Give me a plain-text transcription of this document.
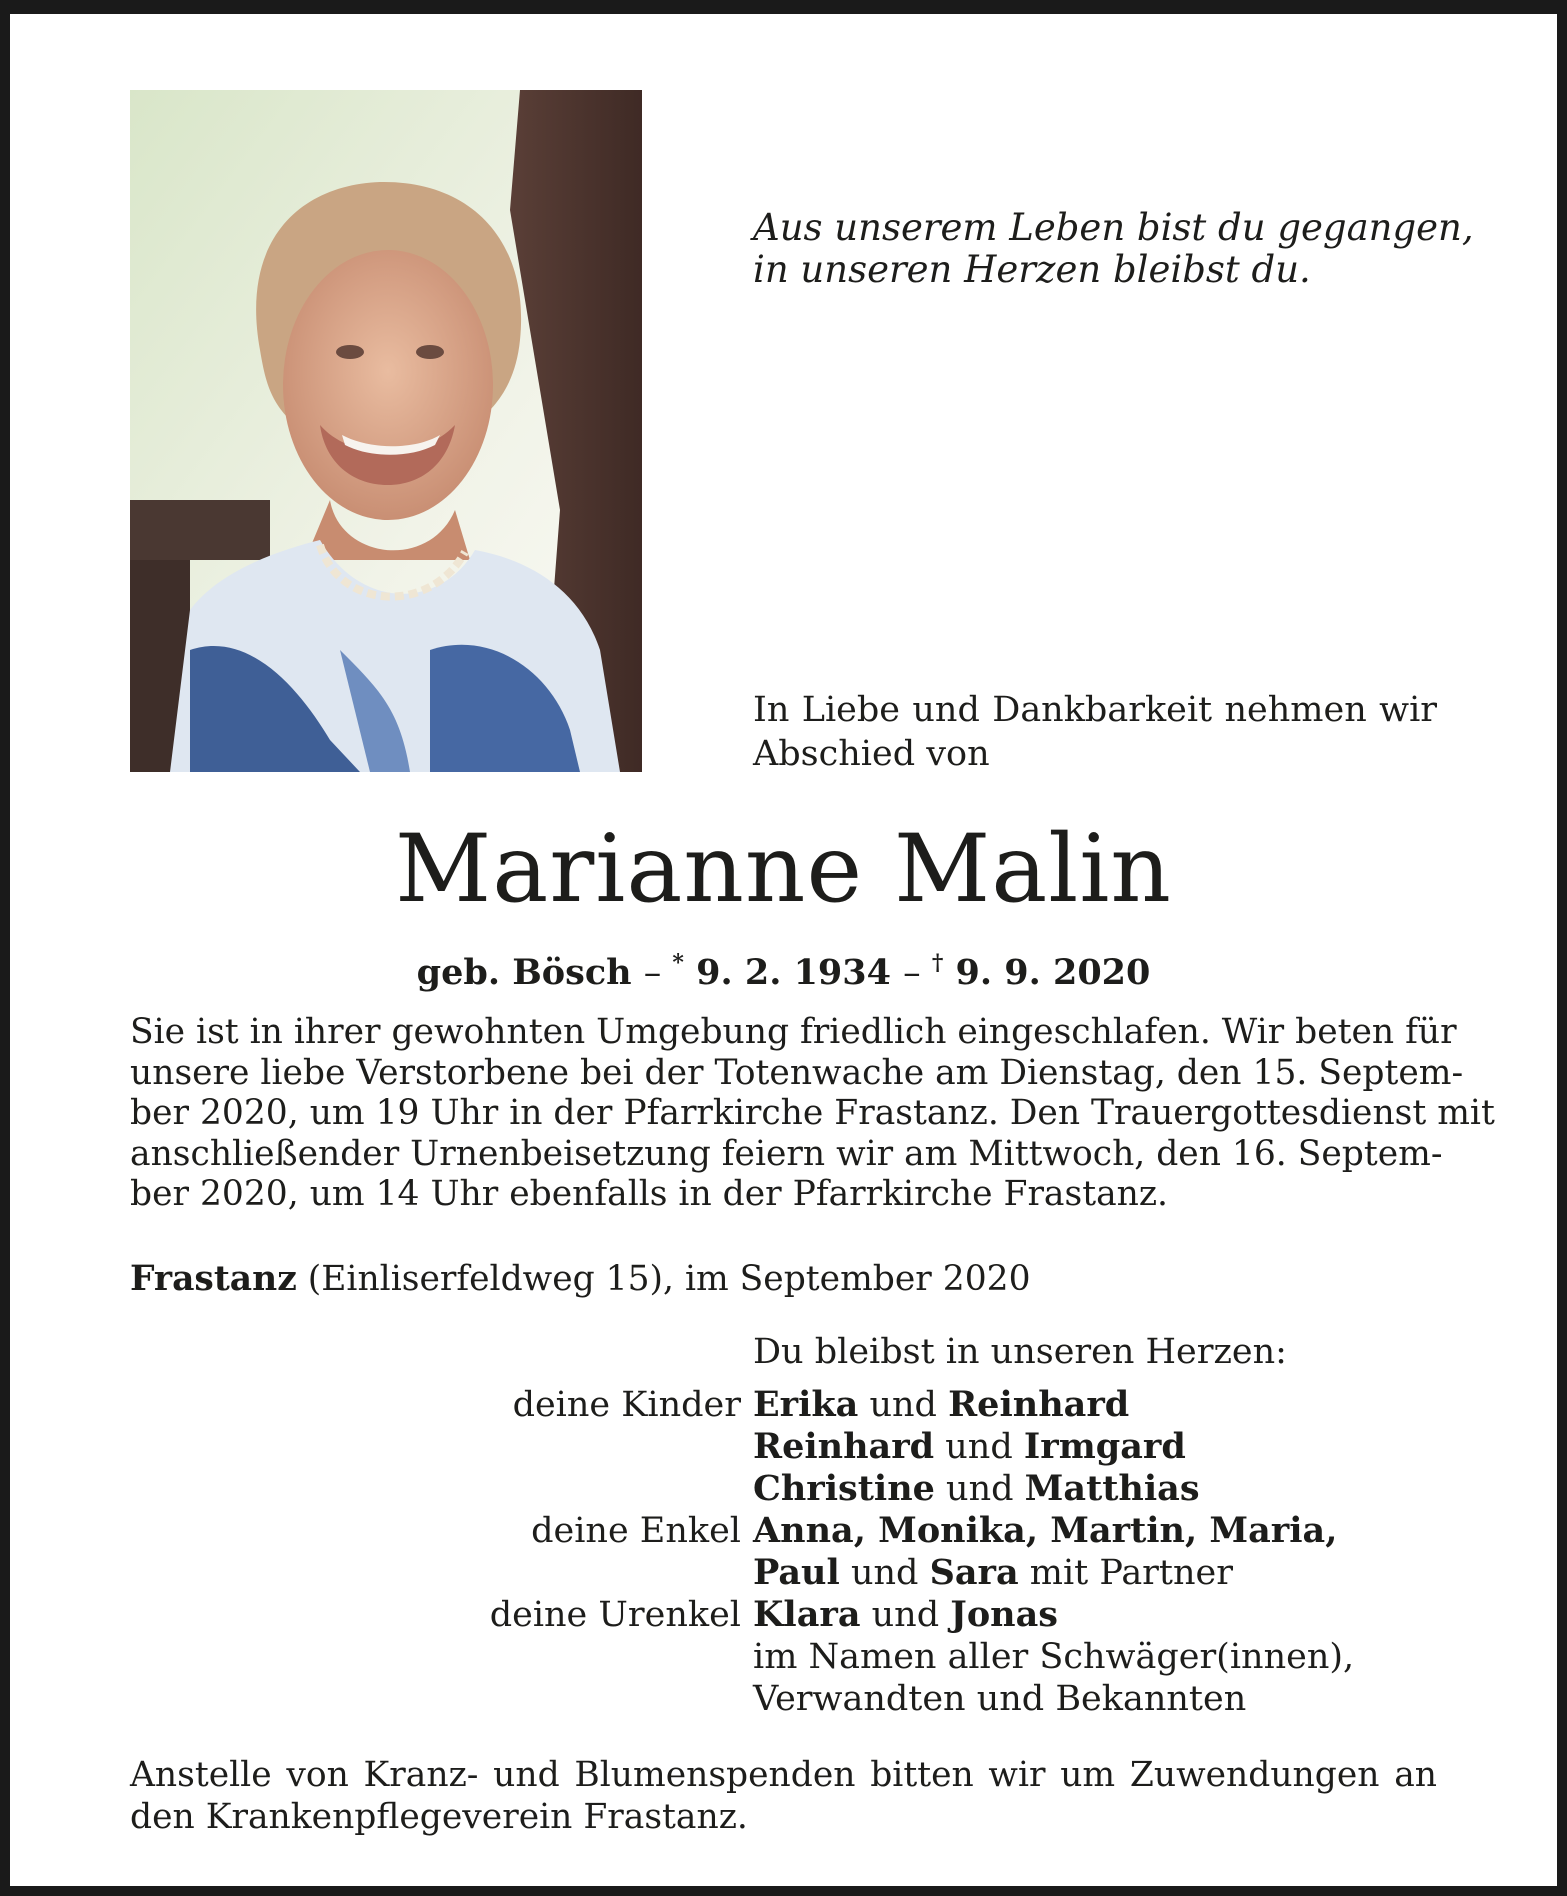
Aus unserem Leben bist du gegangen,
in unseren Herzen bleibst du.
In Liebe und Dankbarkeit nehmen wir Abschied von
Marianne Malin
geb. Bösch – * 9. 2. 1934 – † 9. 9. 2020
Sie ist in ihrer gewohnten Umgebung friedlich eingeschlafen. Wir beten für
unsere liebe Verstorbene bei der Totenwache am Dienstag, den 15. Septem-
ber 2020, um 19 Uhr in der Pfarrkirche Frastanz. Den Trauergottesdienst mit
anschließender Urnenbeisetzung feiern wir am Mittwoch, den 16. Septem-
ber 2020, um 14 Uhr ebenfalls in der Pfarrkirche Frastanz.
Frastanz (Einliserfeldweg 15), im September 2020
Du bleibst in unseren Herzen:
deine Kinder Erika und Reinhard
Reinhard und Irmgard
Christine und Matthias
deine Enkel Anna, Monika, Martin, Maria,
Paul und Sara mit Partner
deine Urenkel Klara und Jonas
im Namen aller Schwäger(innen),
Verwandten und Bekannten
Anstelle von Kranz- und Blumenspenden bitten wir um Zuwendungen an
den Krankenpflegeverein Frastanz.
